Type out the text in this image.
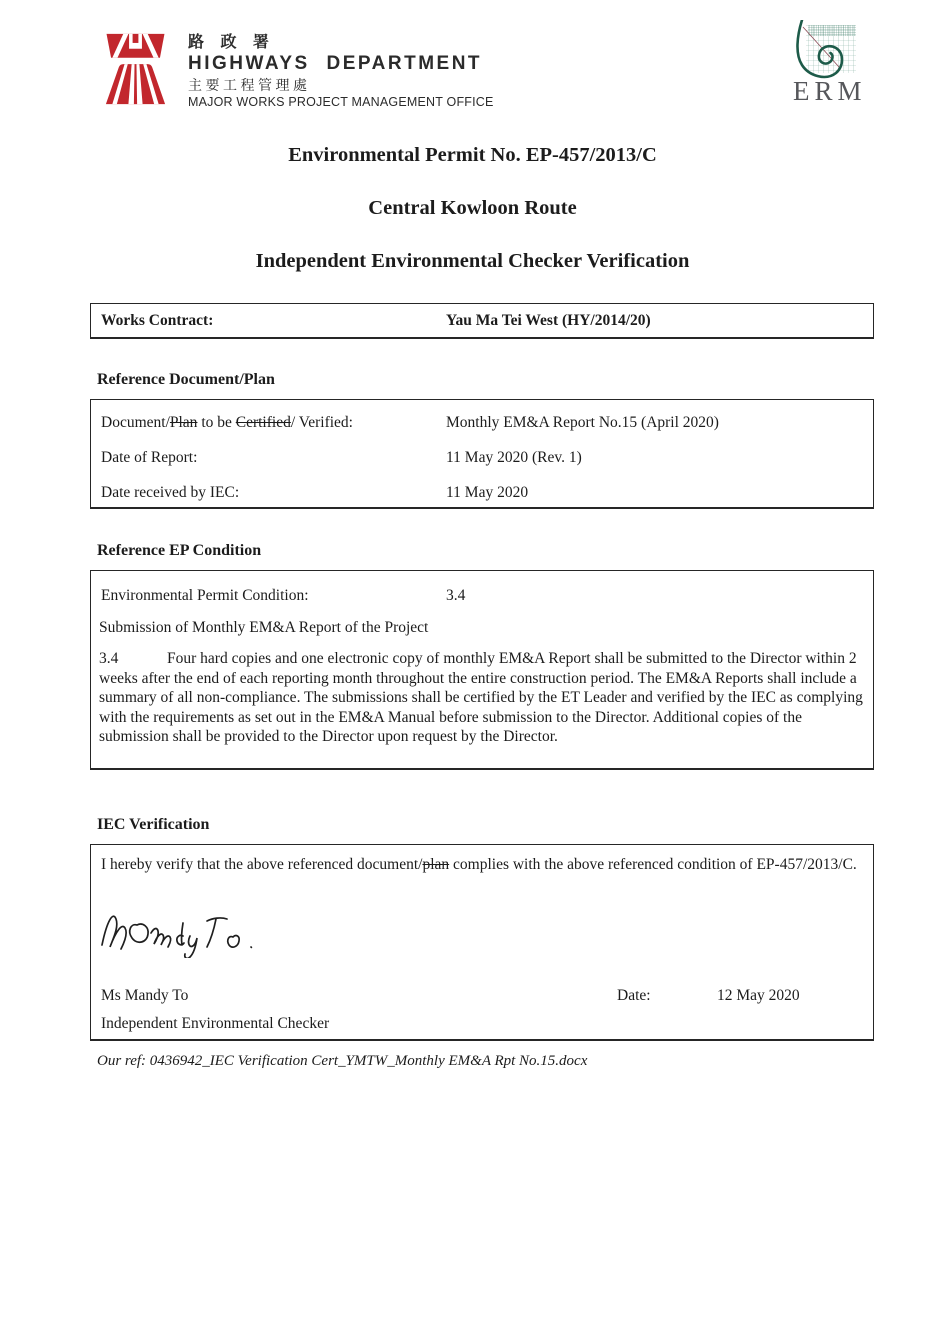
路 政 署
HIGHWAYS DEPARTMENT
主要工程管理處
MAJOR WORKS PROJECT MANAGEMENT OFFICE	ERM
Environmental Permit No. EP-457/2013/C
Central Kowloon Route
Independent Environmental Checker Verification
Works Contract:	Yau Ma Tei West (HY/2014/20)
Reference Document/Plan
Document/Plan to be Certified/ Verified:	Monthly EM&A Report No.15 (April 2020)
Date of Report:	11 May 2020 (Rev. 1)
Date received by IEC:	11 May 2020
Reference EP Condition
Environmental Permit Condition:	3.4
Submission of Monthly EM&A Report of the Project
3.4	Four hard copies and one electronic copy of monthly EM&A Report shall be submitted to the Director within 2 weeks after the end of each reporting month throughout the entire construction period. The EM&A Reports shall include a summary of all non-compliance. The submissions shall be certified by the ET Leader and verified by the IEC as complying with the requirements as set out in the EM&A Manual before submission to the Director. Additional copies of the submission shall be provided to the Director upon request by the Director.
IEC Verification
I hereby verify that the above referenced document/plan complies with the above referenced condition of EP-457/2013/C.
Ms Mandy To	Date:	12 May 2020
Independent Environmental Checker
Our ref: 0436942_IEC Verification Cert_YMTW_Monthly EM&A Rpt No.15.docx
